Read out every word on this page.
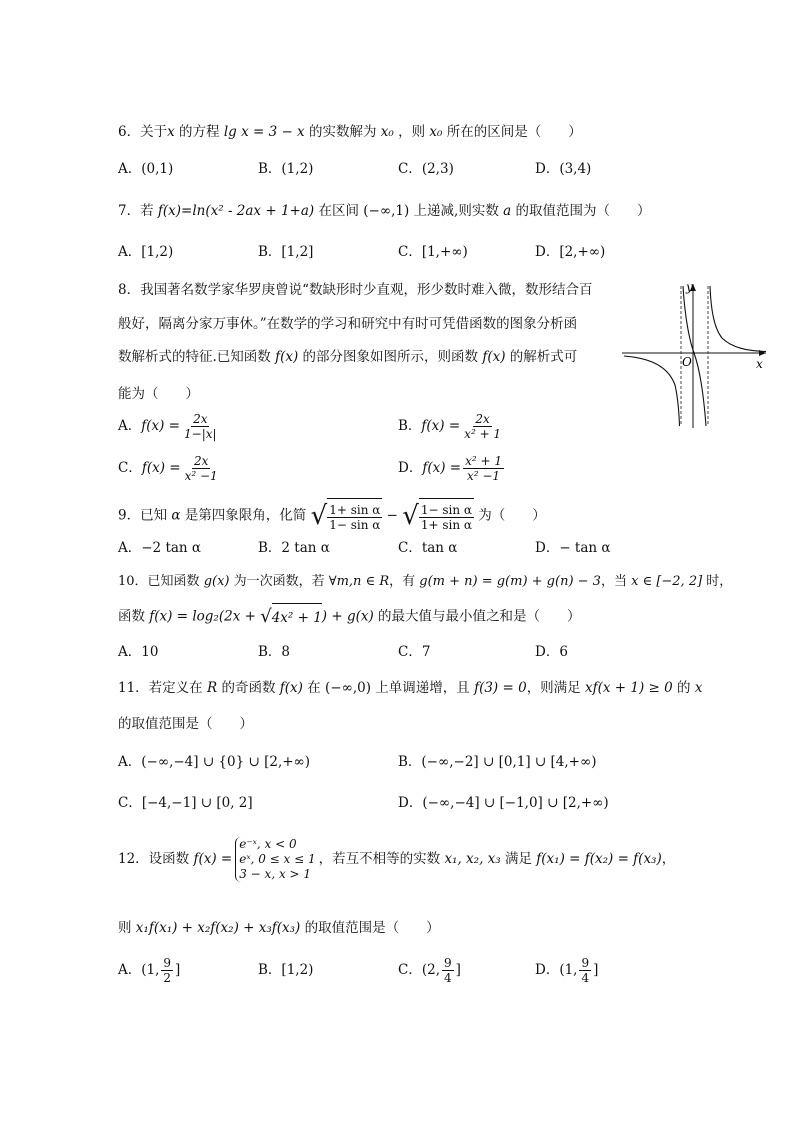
6．关于x 的方程 lg x = 3 − x 的实数解为 x₀ ，则 x₀ 所在的区间是（　　）
A．(0,1)	B．(1,2)	C．(2,3)	D．(3,4)
7．若 f(x)=ln(x² - 2ax + 1+a) 在区间 (−∞,1) 上递减,则实数 a 的取值范围为（　　）
A．[1,2)	B．[1,2]	C．[1,+∞)	D．[2,+∞)
8．我国著名数学家华罗庚曾说“数缺形时少直观，形少数时难入微，数形结合百
般好，隔离分家万事休。”在数学的学习和研究中有时可凭借函数的图象分析函
数解析式的特征.已知函数 f(x) 的部分图象如图所示，则函数 f(x) 的解析式可
能为（　　）
y
x
O
A．$f(x) = \frac{2x}{1-|x|}$	B．$f(x) = \frac{2x}{\text{x² + 1}}$
C．$f(x) = \frac{2x}{\text{x² −1}}$	D．$f(x) = \frac{\text{x² + 1}}{\text{x² −1}}$
9．已知 α 是第四象限角，化简 √ $\frac{\text{1+ sin α}}{\text{1− sin α}}$ − √ $\frac{\text{1− sin α}}{\text{1+ sin α}}$ 为（　　）
A．−2 tan α	B．2 tan α	C．tan α	D．− tan α
10．已知函数 g(x) 为一次函数，若 ∀m,n ∈ R，有 g(m + n) = g(m) + g(n) − 3，当 x ∈ [−2, 2] 时，
函数 f(x) = log₂(2x + √ 4x² + 1 ) + g(x) 的最大值与最小值之和是（　　）
A．10	B．8	C．7	D．6
11．若定义在 R 的奇函数 f(x) 在 (−∞,0) 上单调递增，且 f(3) = 0，则满足 xf(x + 1) ≥ 0 的 x
的取值范围是（　　）
A．(−∞,−4] ∪ {0} ∪ [2,+∞)	B．(−∞,−2] ∪ [0,1] ∪ [4,+∞)
C．[−4,−1] ∪ [0, 2]	D．(−∞,−4] ∪ [−1,0] ∪ [2,+∞)
12．设函数 f(x) =
e⁻ˣ, x < 0
eˣ, 0 ≤ x ≤ 1
3 − x, x > 1
，若互不相等的实数 x₁, x₂, x₃ 满足 f(x₁) = f(x₂) = f(x₃)，
则 x₁f(x₁) + x₂f(x₂) + x₃f(x₃) 的取值范围是（　　）
A．(1, $\frac{9}{2}$ ]	B．[1,2)	C．(2, $\frac{9}{4}$ ]	D．(1, $\frac{9}{4}$ ]
